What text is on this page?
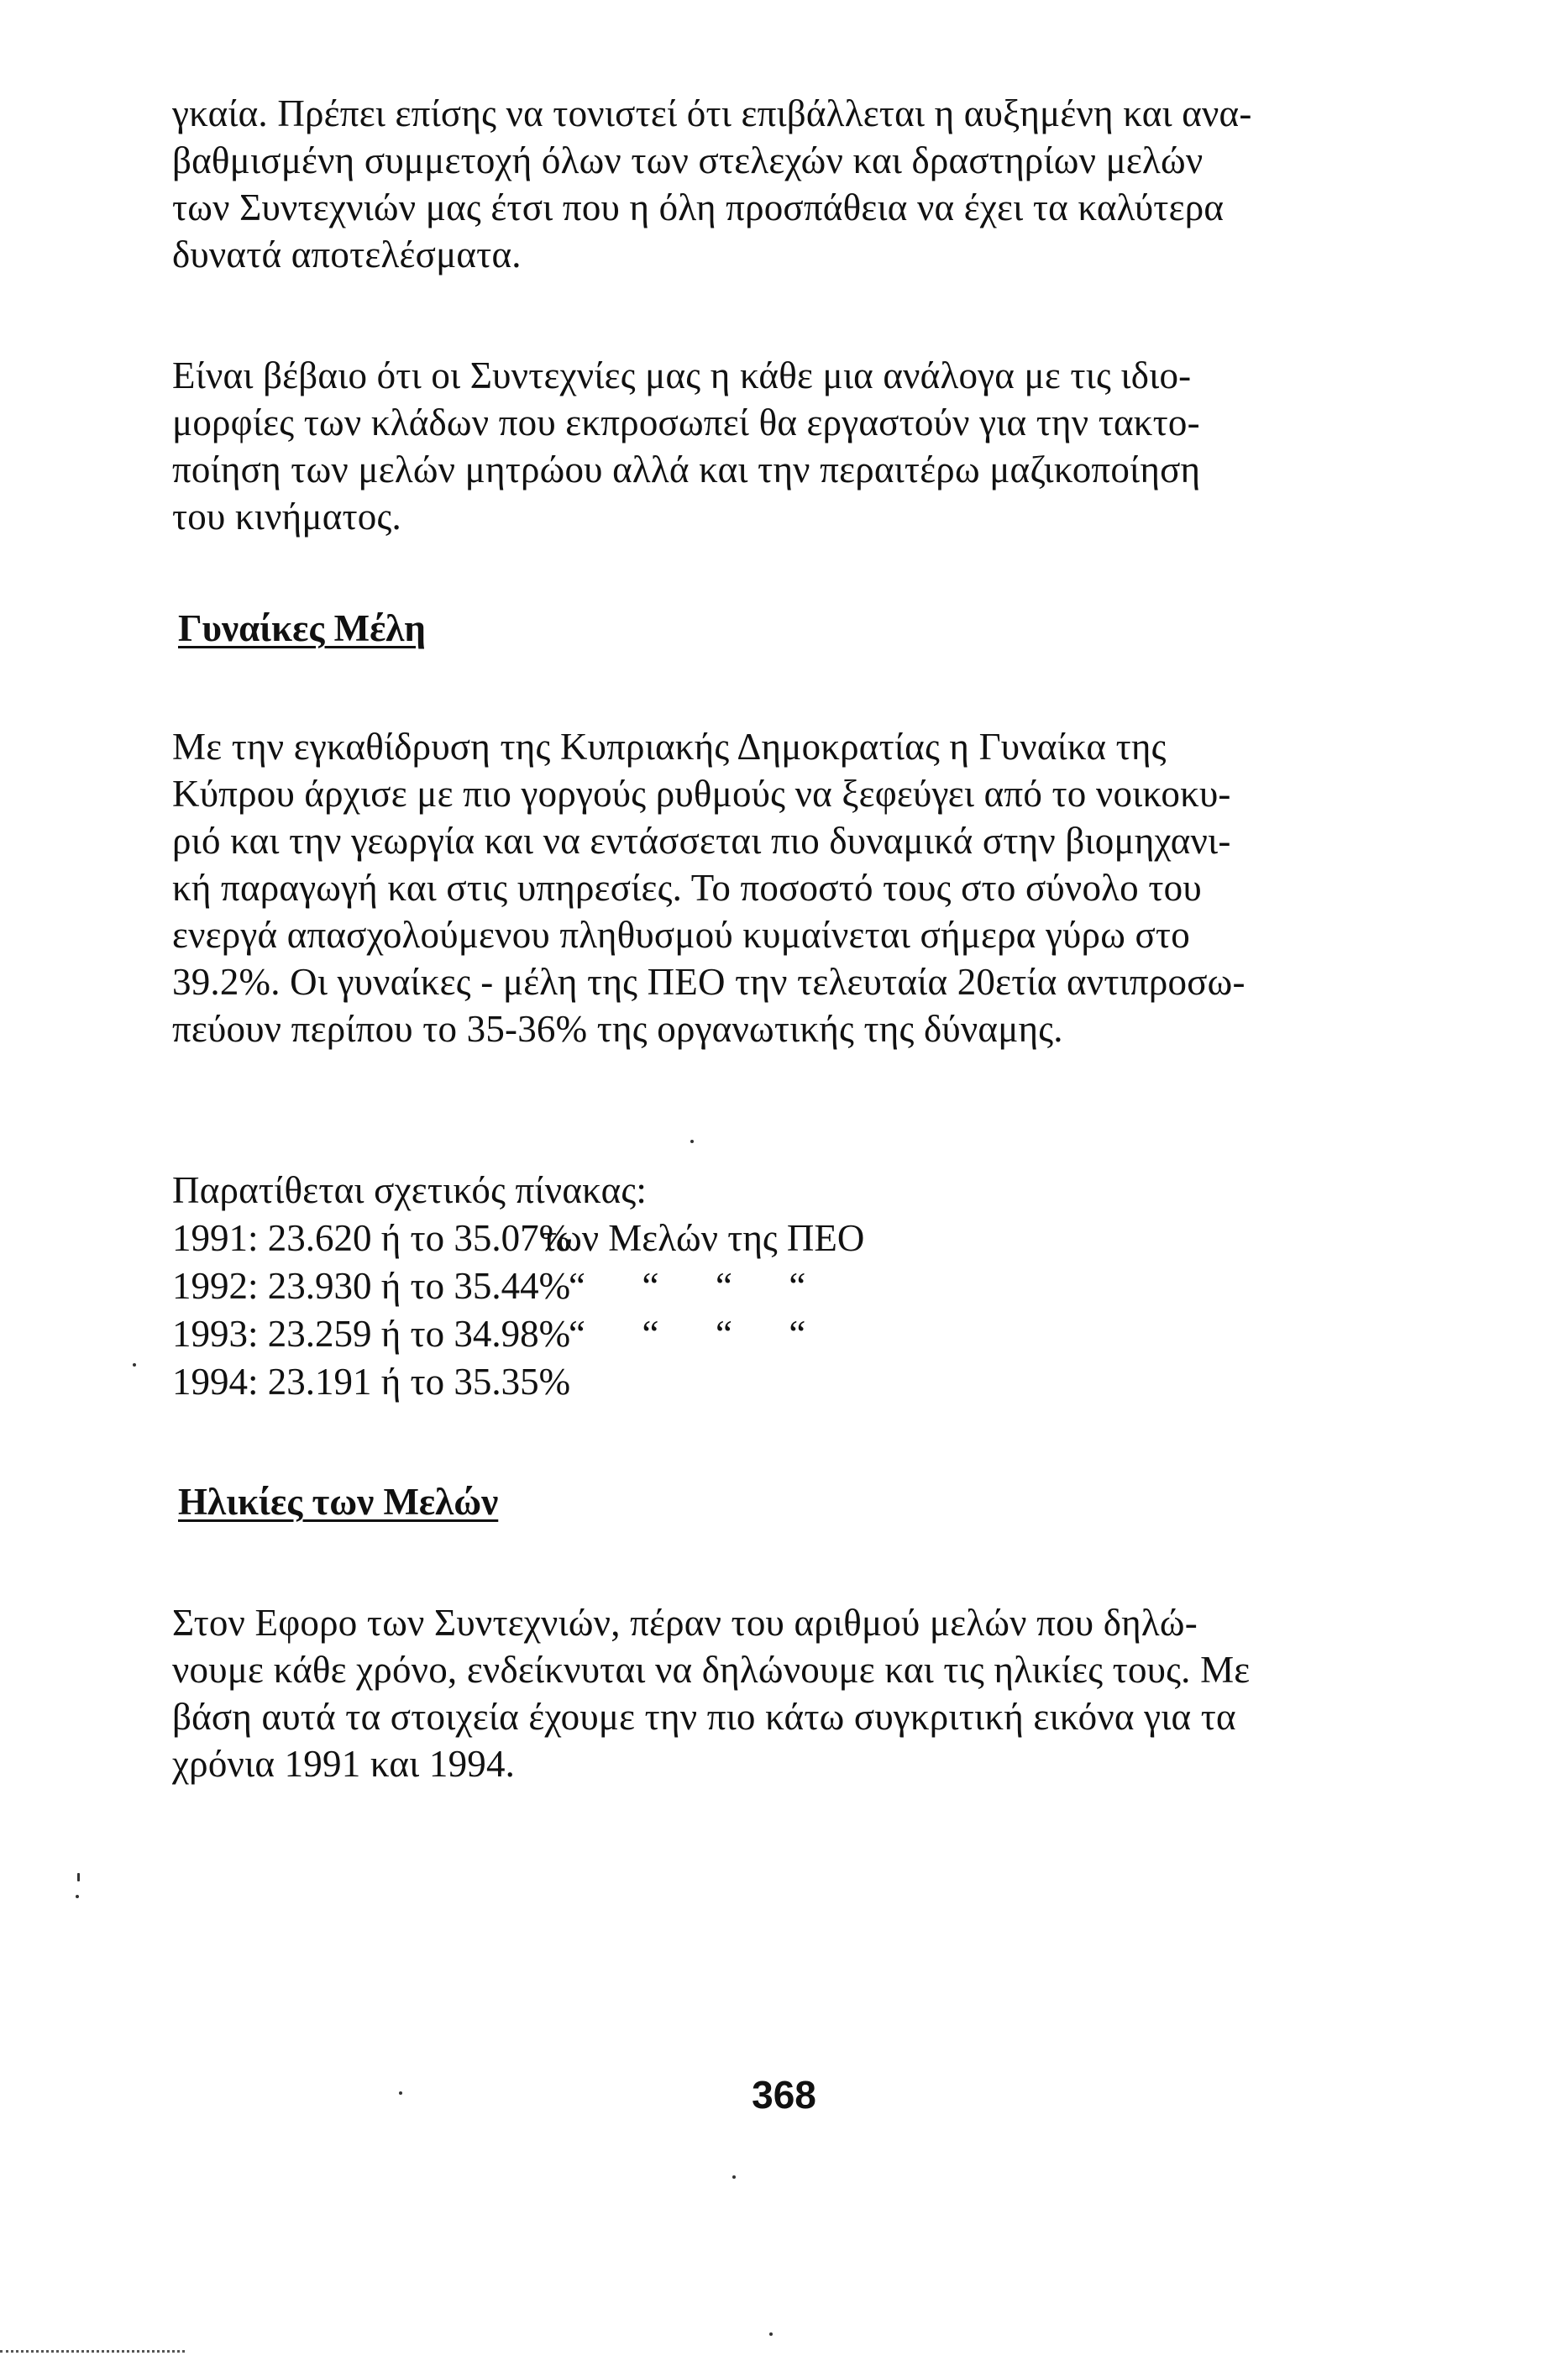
γκαία. Πρέπει επίσης να τονιστεί ότι επιβάλλεται η αυξημένη και ανα-
βαθμισμένη συμμετοχή όλων των στελεχών και δραστηρίων μελών
των Συντεχνιών μας έτσι που η όλη προσπάθεια να έχει τα καλύτερα
δυνατά αποτελέσματα.
Είναι βέβαιο ότι οι Συντεχνίες μας η κάθε μια ανάλογα με τις ιδιο-
μορφίες των κλάδων που εκπροσωπεί θα εργαστούν για την τακτο-
ποίηση των μελών μητρώου αλλά και την περαιτέρω μαζικοποίηση
του κινήματος.
Γυναίκες Μέλη
Με την εγκαθίδρυση της Κυπριακής Δημοκρατίας η Γυναίκα της
Κύπρου άρχισε με πιο γοργούς ρυθμούς να ξεφεύγει από το νοικοκυ-
ριό και την γεωργία και να εντάσσεται πιο δυναμικά στην βιομηχανι-
κή παραγωγή και στις υπηρεσίες. Το ποσοστό τους στο σύνολο του
ενεργά απασχολούμενου πληθυσμού κυμαίνεται σήμερα γύρω στο
39.2%. Οι γυναίκες - μέλη της ΠΕΟ την τελευταία 20ετία αντιπροσω-
πεύουν περίπου το 35-36% της οργανωτικής της δύναμης.
Παρατίθεται σχετικός πίνακας:
1991: 23.620 ή το 35.07%των Μελών της ΠΕΟ
1992: 23.930 ή το 35.44%“      “      “      “
1993: 23.259 ή το 34.98%“      “      “      “
1994: 23.191 ή το 35.35%
Ηλικίες των Μελών
Στον Εφορο των Συντεχνιών, πέραν του αριθμού μελών που δηλώ-
νουμε κάθε χρόνο, ενδείκνυται να δηλώνουμε και τις ηλικίες τους. Με
βάση αυτά τα στοιχεία έχουμε την πιο κάτω συγκριτική εικόνα για τα
χρόνια 1991 και 1994.
368
